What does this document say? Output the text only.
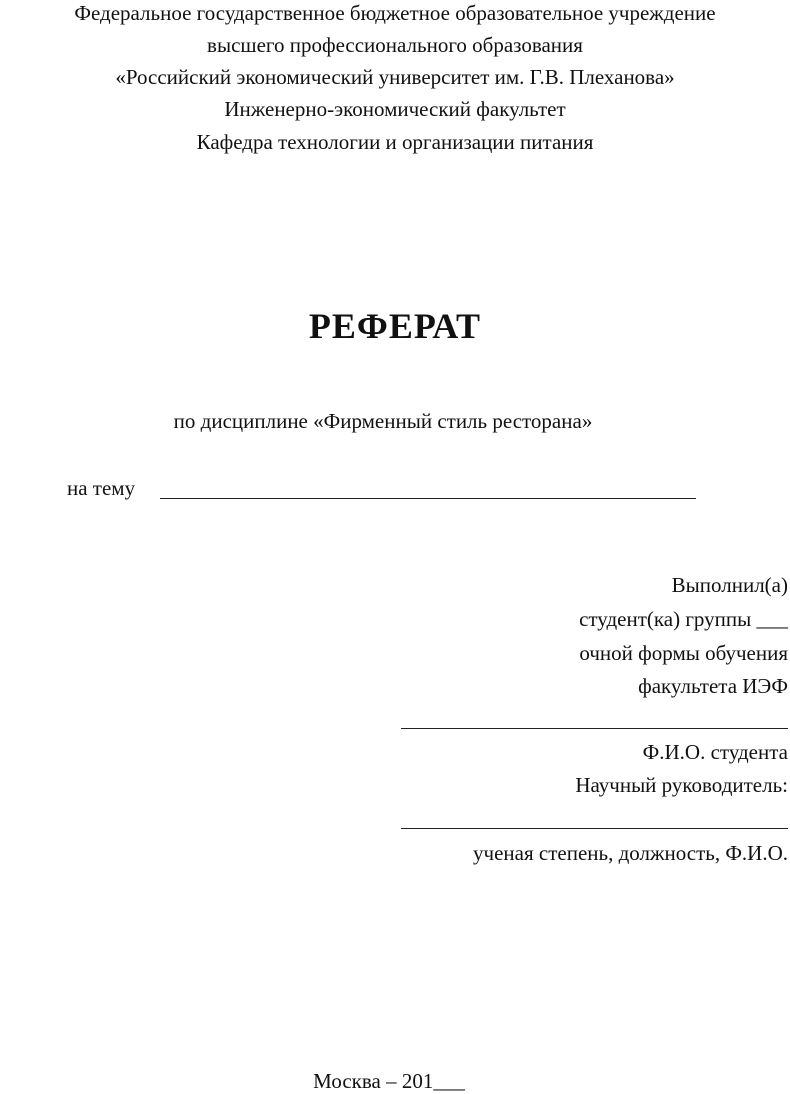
Федеральное государственное бюджетное образовательное учреждение
высшего профессионального образования
«Российский экономический университет им. Г.В. Плеханова»
Инженерно-экономический факультет
Кафедра технологии и организации питания
РЕФЕРАТ
по дисциплине «Фирменный стиль ресторана»
на тему
Выполнил(а)
студент(ка) группы ___
очной формы обучения
факультета ИЭФ
Ф.И.О. студента
Научный руководитель:
ученая степень, должность, Ф.И.О.
Москва – 201___
